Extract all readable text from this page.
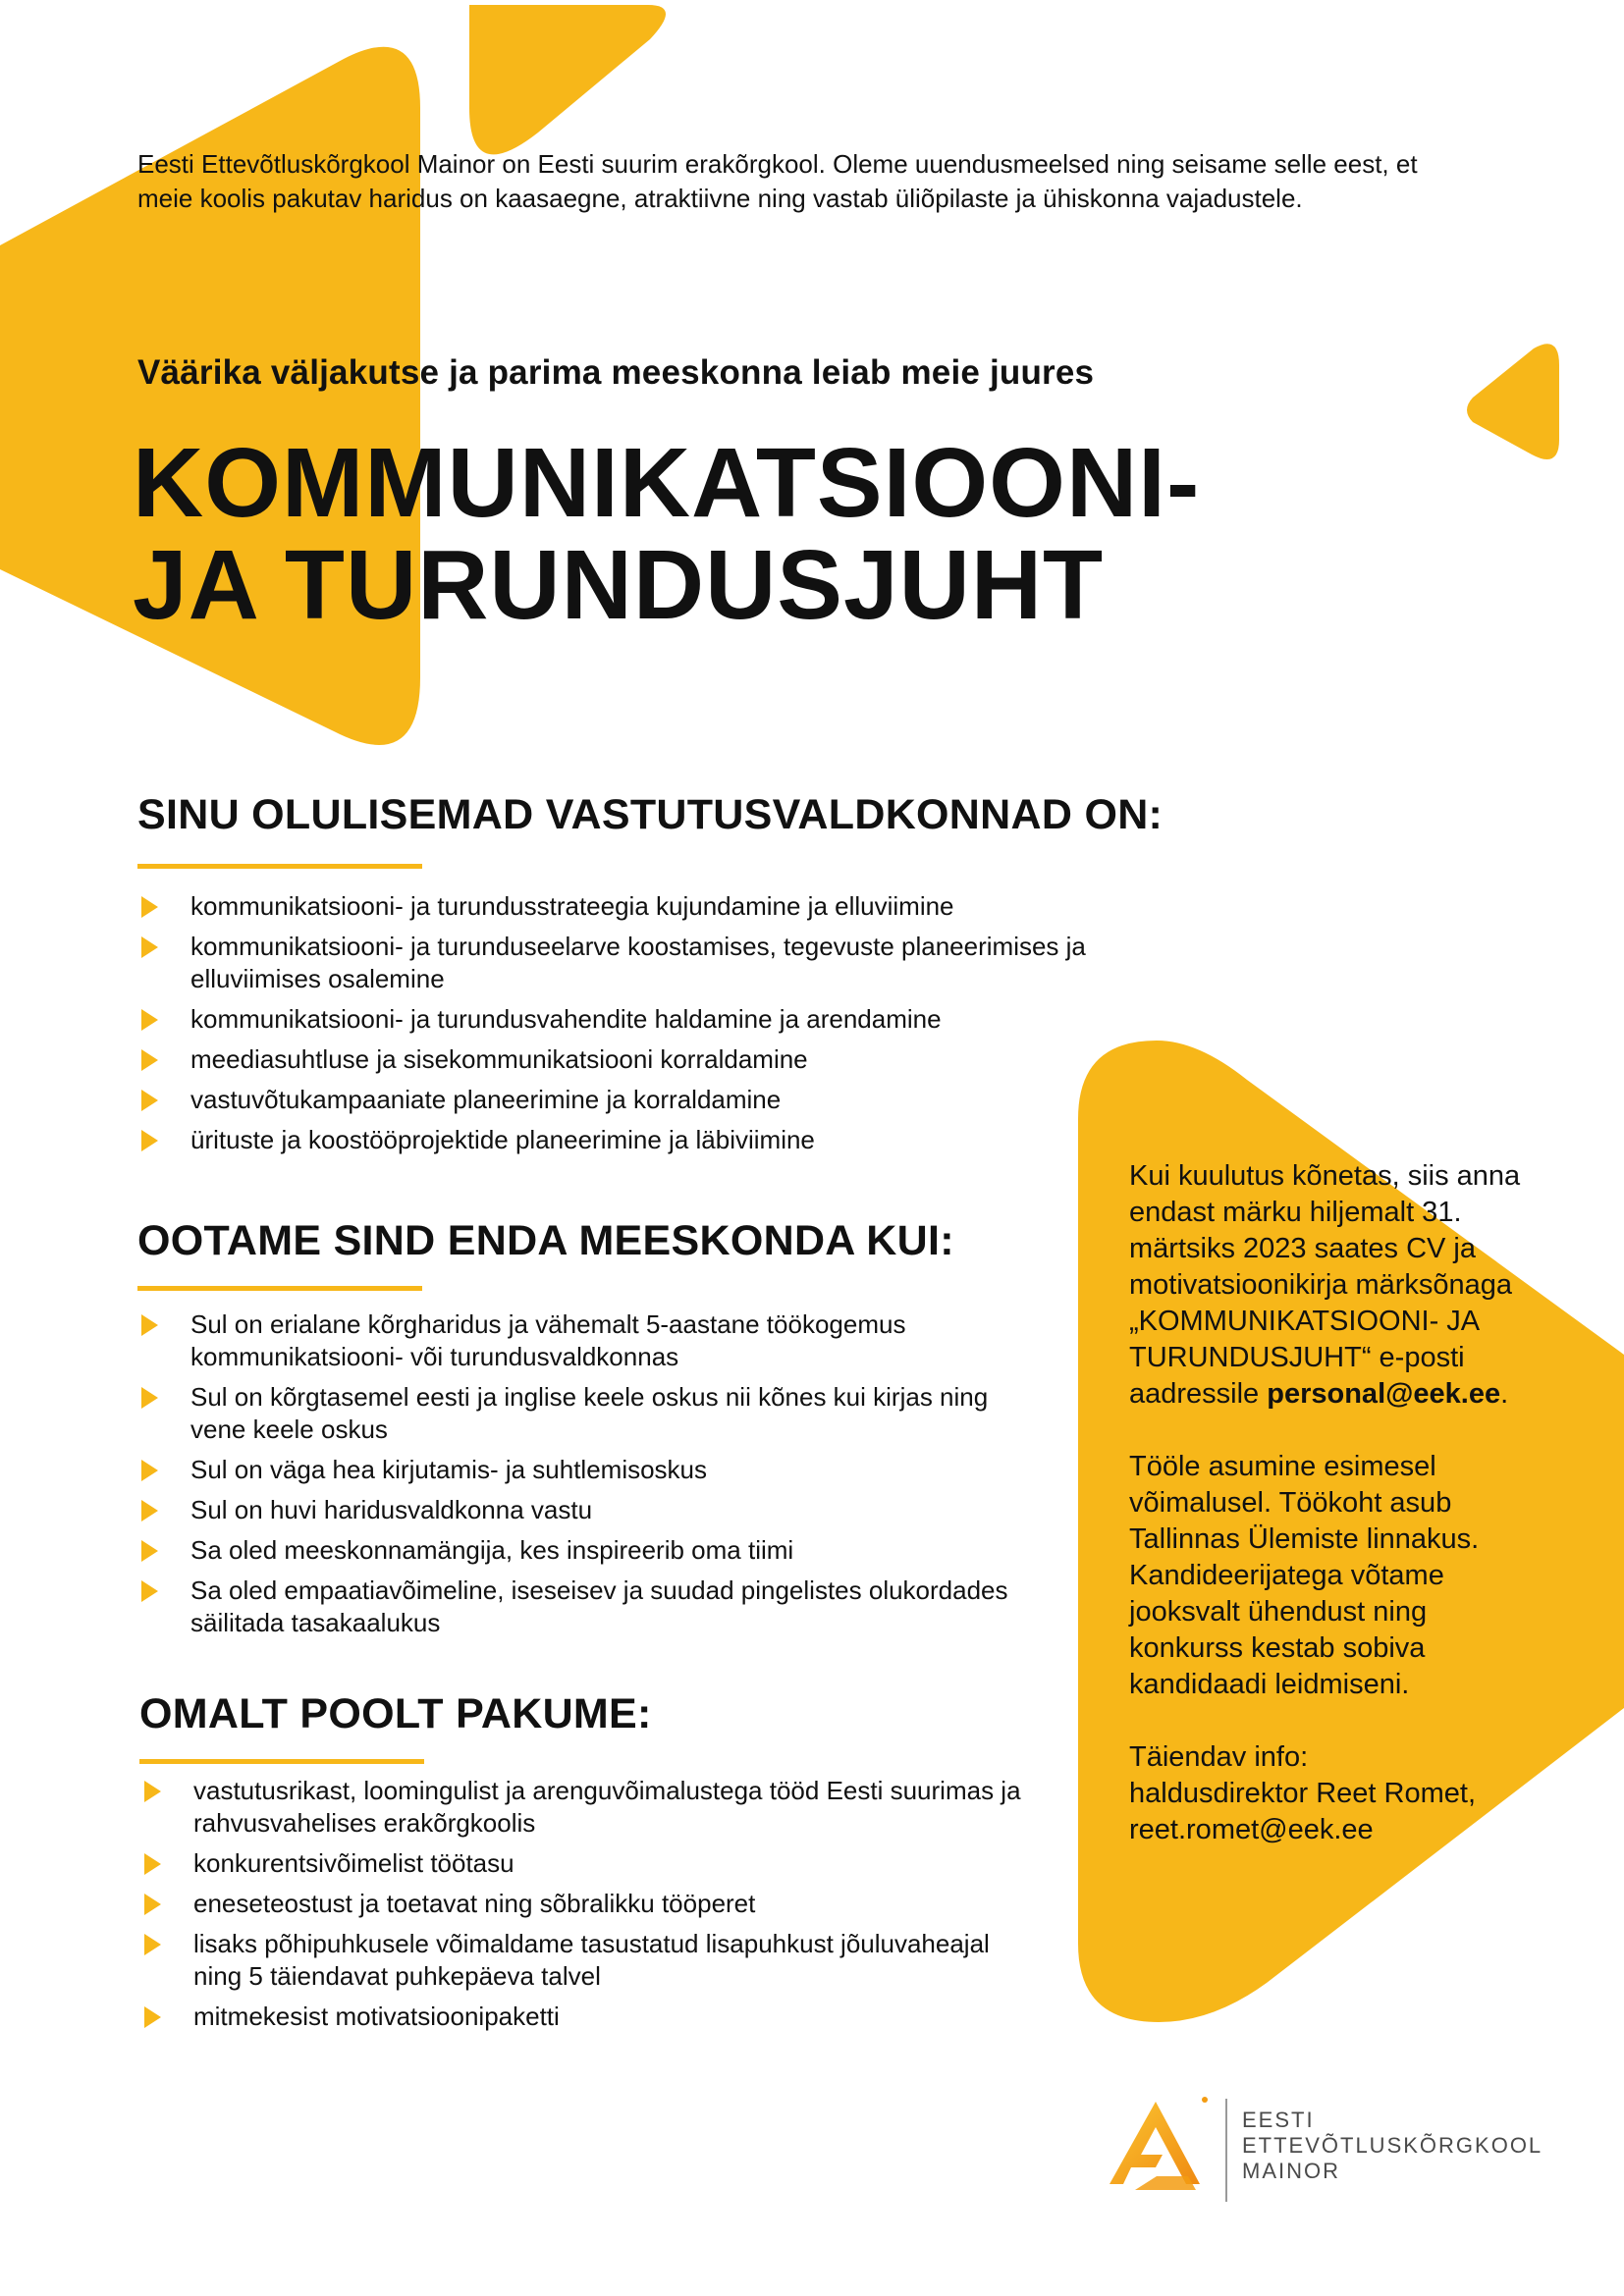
Eesti Ettevõtluskõrgkool Mainor on Eesti suurim erakõrgkool. Oleme uuendusmeelsed ning seisame selle eest, et meie koolis pakutav haridus on kaasaegne, atraktiivne ning vastab üliõpilaste ja ühiskonna vajadustele.
Väärika väljakutse ja parima meeskonna leiab meie juures
KOMMUNIKATSIOONI-
JA TURUNDUSJUHT
SINU OLULISEMAD VASTUTUSVALDKONNAD ON:
kommunikatsiooni- ja turundusstrateegia kujundamine ja elluviimine
kommunikatsiooni- ja turunduseelarve koostamises, tegevuste planeerimises ja elluviimises osalemine
kommunikatsiooni- ja turundusvahendite haldamine ja arendamine
meediasuhtluse ja sisekommunikatsiooni korraldamine
vastuvõtukampaaniate planeerimine ja korraldamine
ürituste ja koostööprojektide planeerimine ja läbiviimine
OOTAME SIND ENDA MEESKONDA KUI:
Sul on erialane kõrgharidus ja vähemalt 5-aastane töökogemus kommunikatsiooni- või turundusvaldkonnas
Sul on kõrgtasemel eesti ja inglise keele oskus nii kõnes kui kirjas ning vene keele oskus
Sul on väga hea kirjutamis- ja suhtlemisoskus
Sul on huvi haridusvaldkonna vastu
Sa oled meeskonnamängija, kes inspireerib oma tiimi
Sa oled empaatiavõimeline, iseseisev ja suudad pingelistes olukordades säilitada tasakaalukus
OMALT POOLT PAKUME:
vastutusrikast, loomingulist ja arenguvõimalustega tööd Eesti suurimas ja rahvusvahelises erakõrgkoolis
konkurentsivõimelist töötasu
eneseteostust ja toetavat ning sõbralikku tööperet
lisaks põhipuhkusele võimaldame tasustatud lisapuhkust jõuluvaheajal ning 5 täiendavat puhkepäeva talvel
mitmekesist motivatsioonipaketti

Kui kuulutus kõnetas, siis anna endast märku hiljemalt 31. märtsiks 2023 saates CV ja motivatsioonikirja märksõnaga „KOMMUNIKATSIOONI- JA TURUNDUSJUHT“ e-posti aadressile personal@eek.ee.

Tööle asumine esimesel võimalusel. Töökoht asub Tallinnas Ülemiste linnakus. Kandideerijatega võtame jooksvalt ühendust ning konkurss kestab sobiva kandidaadi leidmiseni.

Täiendav info:
haldusdirektor Reet Romet,
reet.romet@eek.ee

EESTI
ETTEVÕTLUSKÕRGKOOL
MAINOR
